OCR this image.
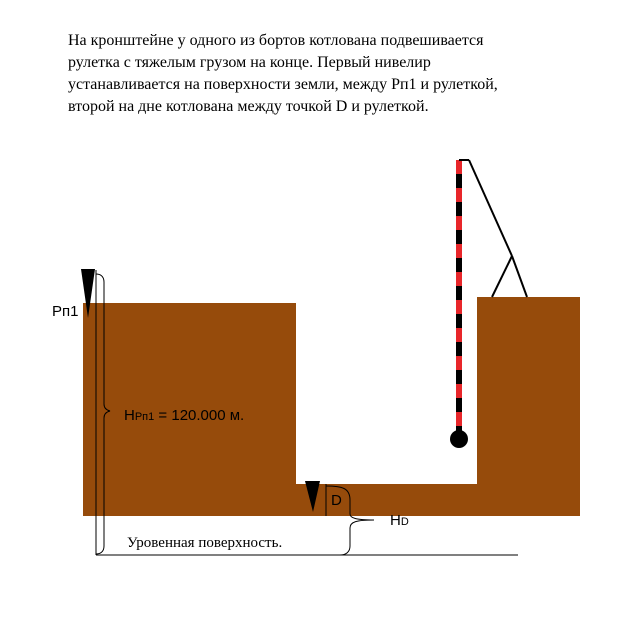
На кронштейне у одного из бортов котлована подвешивается
рулетка с тяжелым грузом на конце. Первый нивелир
устанавливается на поверхности земли, между Рп1 и рулеткой,
второй на дне котлована между точкой D и рулеткой.
Рп1
HРп1 = 120.000 м.
D
HD
Уровенная поверхность.
